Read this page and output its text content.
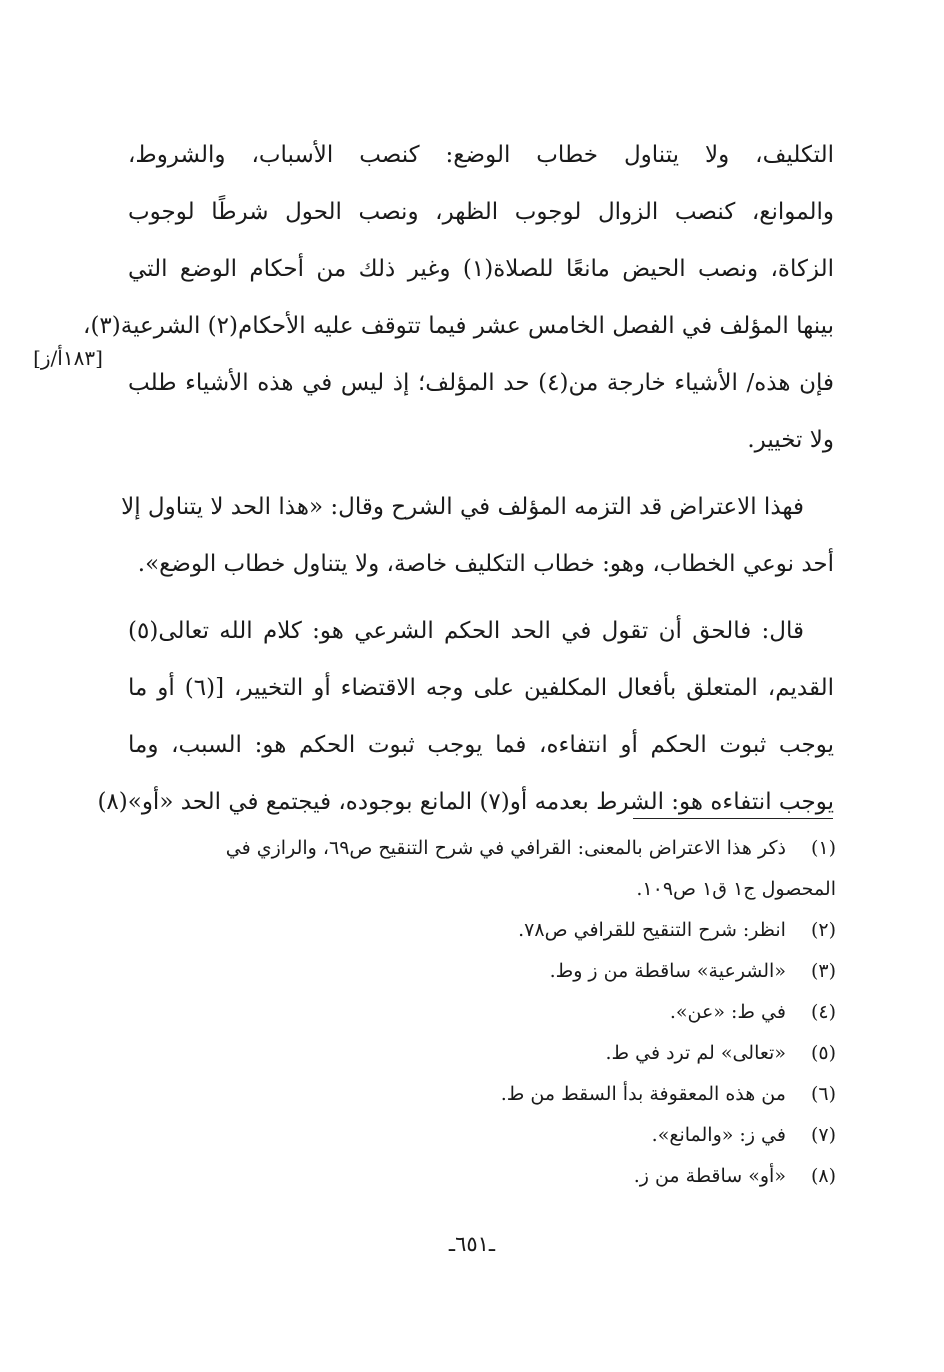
التكليف، ولا يتناول خطاب الوضع: كنصب الأسباب، والشروط،
والموانع، كنصب الزوال لوجوب الظهر، ونصب الحول شرطًا لوجوب
الزكاة، ونصب الحيض مانعًا للصلاة(١) وغير ذلك من أحكام الوضع التي
بينها المؤلف في الفصل الخامس عشر فيما تتوقف عليه الأحكام(٢) الشرعية(٣)،
فإن هذه/ الأشياء خارجة من(٤) حد المؤلف؛ إذ ليس في هذه الأشياء طلب
ولا تخيير.
فهذا الاعتراض قد التزمه المؤلف في الشرح وقال: «هذا الحد لا يتناول إلا
أحد نوعي الخطاب، وهو: خطاب التكليف خاصة، ولا يتناول خطاب الوضع».
قال: فالحق أن تقول في الحد الحكم الشرعي هو: كلام الله تعالى(٥)
القديم، المتعلق بأفعال المكلفين على وجه الاقتضاء أو التخيير، [(٦) أو ما
يوجب ثبوت الحكم أو انتفاءه، فما يوجب ثبوت الحكم هو: السبب، وما
يوجب انتفاءه هو: الشرط بعدمه أو(٧) المانع بوجوده، فيجتمع في الحد «أو»(٨)
[١٨٣أ/ز]
(١) ذكر هذا الاعتراض بالمعنى: القرافي في شرح التنقيح ص٦٩، والرازي في
المحصول ج١ ق١ ص١٠٩.
(٢) انظر: شرح التنقيح للقرافي ص٧٨.
(٣) «الشرعية» ساقطة من ز وط.
(٤) في ط: «عن».
(٥) «تعالى» لم ترد في ط.
(٦) من هذه المعقوفة بدأ السقط من ط.
(٧) في ز: «والمانع».
(٨) «أو» ساقطة من ز.
ـ٦٥١ـ
